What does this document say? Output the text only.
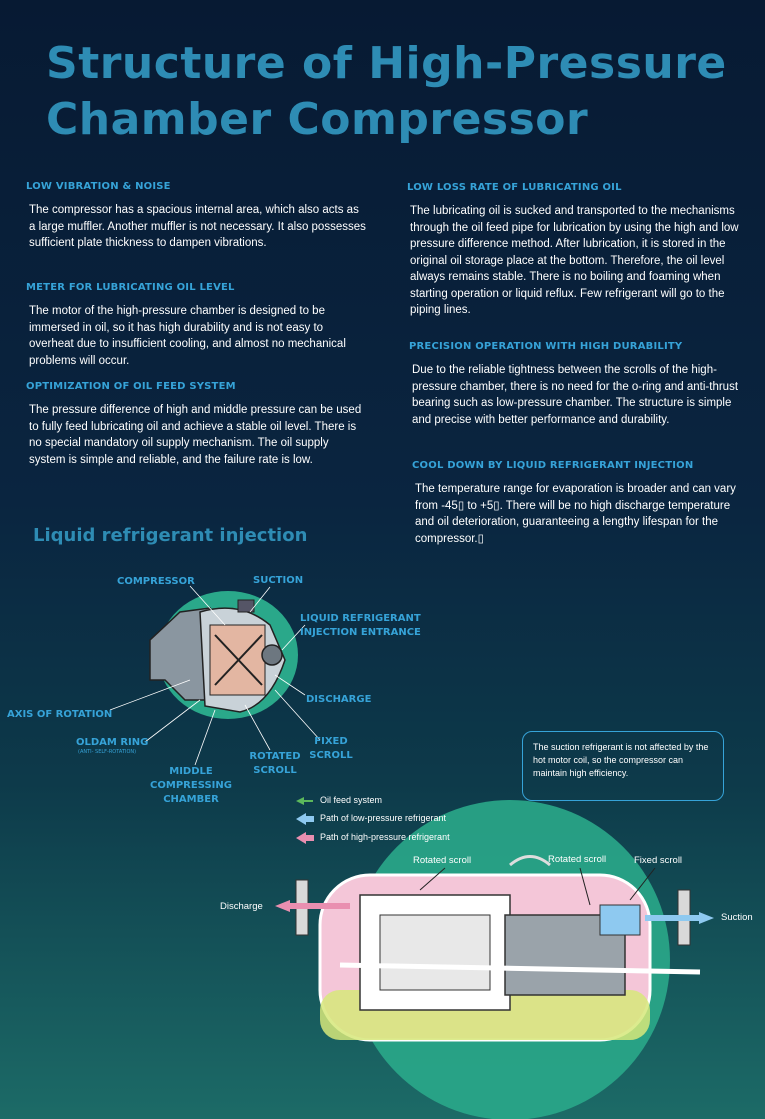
Structure of High-Pressure
Chamber Compressor
LOW VIBRATION & NOISE
The compressor has a spacious internal area, which also acts as a large muffler. Another muffler is not necessary. It also possesses sufficient plate thickness to dampen vibrations.
METER FOR LUBRICATING OIL LEVEL
The motor of the high-pressure chamber is designed to be immersed in oil, so it has high durability and is not easy to overheat due to insufficient cooling, and almost no mechanical problems will occur.
OPTIMIZATION OF OIL FEED SYSTEM
The pressure difference of high and middle pressure can be used to fully feed lubricating oil and achieve a stable oil level. There is no special mandatory oil supply mechanism. The oil supply system is simple and reliable, and the failure rate is low.
LOW LOSS RATE OF LUBRICATING OIL
The lubricating oil is sucked and transported to the mechanisms through the oil feed pipe for lubrication by using the high and low pressure difference method. After lubrication, it is stored in the original oil storage place at the bottom. Therefore, the oil level always remains stable. There is no boiling and foaming when starting operation or liquid reflux. Few refrigerant will go to the piping lines.
PRECISION OPERATION WITH HIGH DURABILITY
Due to the reliable tightness between the scrolls of the high-pressure chamber, there is no need for the o-ring and anti-thrust bearing such as low-pressure chamber. The structure is simple and precise with better performance and durability.
COOL DOWN BY LIQUID REFRIGERANT INJECTION
The temperature range for evaporation is broader and can vary from -45▯ to +5▯. There will be no high discharge temperature and oil deterioration, guaranteeing a lengthy lifespan for the compressor.▯
Liquid refrigerant injection
COMPRESSOR	SUCTION
LIQUID REFRIGERANT INJECTION ENTRANCE
DISCHARGE
AXIS OF ROTATION
OLDAM RING
(ANTI- SELF-ROTATION)	ROTATED SCROLL
FIXED SCROLL
MIDDLE COMPRESSING CHAMBER
The suction refrigerant is not affected by the hot motor coil, so the compressor can maintain high efficiency.
Oil feed system
Path of low-pressure refrigerant
Path of high-pressure refrigerant
Discharge
Rotated scroll	Rotated scroll	Fixed scroll
Suction
